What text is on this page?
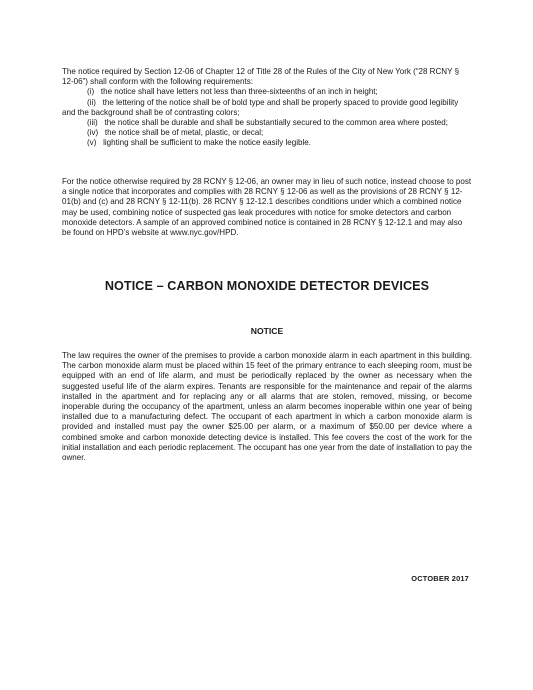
The notice required by Section 12-06 of Chapter 12 of Title 28 of the Rules of the City of New York (“28 RCNY § 12-06”) shall conform with the following requirements:

(i) the notice shall have letters not less than three-sixteenths of an inch in height;
(ii) the lettering of the notice shall be of bold type and shall be properly spaced to provide good legibility and the background shall be of contrasting colors;
(iii) the notice shall be durable and shall be substantially secured to the common area where posted;
(iv) the notice shall be of metal, plastic, or decal;
(v) lighting shall be sufficient to make the notice easily legible.

For the notice otherwise required by 28 RCNY § 12-06, an owner may in lieu of such notice, instead choose to post a single notice that incorporates and complies with 28 RCNY § 12-06 as well as the provisions of 28 RCNY § 12-01(b) and (c) and 28 RCNY § 12-11(b). 28 RCNY § 12-12.1 describes conditions under which a combined notice may be used, combining notice of suspected gas leak procedures with notice for smoke detectors and carbon monoxide detectors. A sample of an approved combined notice is contained in 28 RCNY § 12-12.1 and may also be found on HPD’s website at www.nyc.gov/HPD.

NOTICE – CARBON MONOXIDE DETECTOR DEVICES
NOTICE

The law requires the owner of the premises to provide a carbon monoxide alarm in each apartment in this building. The carbon monoxide alarm must be placed within 15 feet of the primary entrance to each sleeping room, must be equipped with an end of life alarm, and must be periodically replaced by the owner as necessary when the suggested useful life of the alarm expires. Tenants are responsible for the maintenance and repair of the alarms installed in the apartment and for replacing any or all alarms that are stolen, removed, missing, or become inoperable during the occupancy of the apartment, unless an alarm becomes inoperable within one year of being installed due to a manufacturing defect. The occupant of each apartment in which a carbon monoxide alarm is provided and installed must pay the owner $25.00 per alarm, or a maximum of $50.00 per device where a combined smoke and carbon monoxide detecting device is installed. This fee covers the cost of the work for the initial installation and each periodic replacement. The occupant has one year from the date of installation to pay the owner.

OCTOBER 2017
